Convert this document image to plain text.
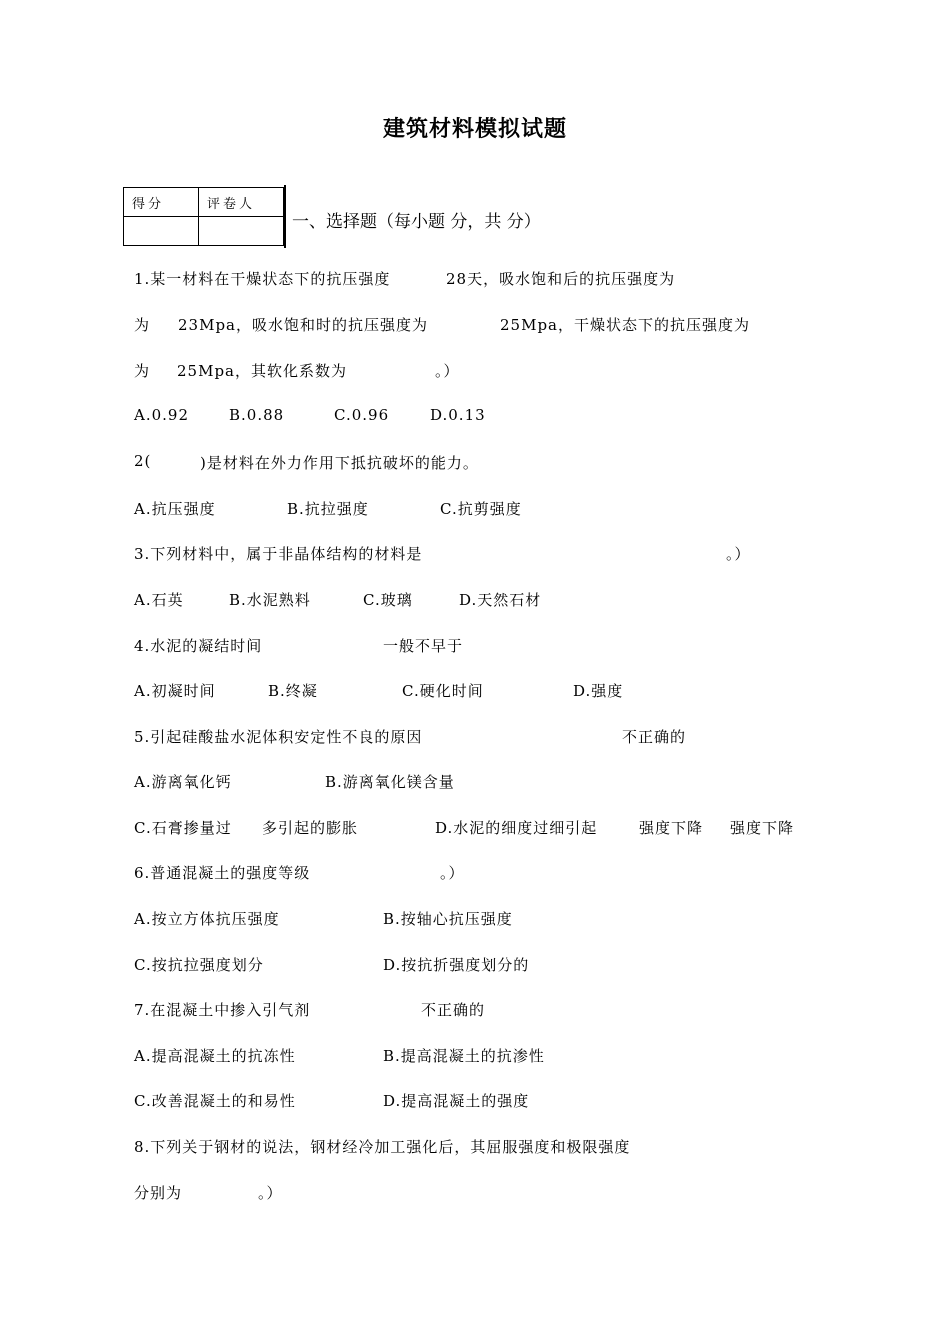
建筑材料模拟试题
得分	评卷人

一、选择题（每小题 分，共 分）
1.某一材料在干燥状态下的抗压强度	28天，吸水饱和后的抗压强度为
为 23Mpa，吸水饱和时的抗压强度为	25Mpa，干燥状态下的抗压强度为
为 25Mpa，其软化系数为	。）
A.0.92	B.0.88	C.0.96	D.0.13
2(	)是材料在外力作用下抵抗破坏的能力。
A.抗压强度	B.抗拉强度	C.抗剪强度
3.下列材料中，属于非晶体结构的材料是	。）
A.石英	B.水泥熟料	C.玻璃	D.天然石材
4.水泥的凝结时间	一般不早于
A.初凝时间	B.终凝	C.硬化时间	D.强度
5.引起硅酸盐水泥体积安定性不良的原因	不正确的
A.游离氧化钙	B.游离氧化镁含量
C.石膏掺量过 多引起的膨胀	D.水泥的细度过细引起	强度下降 强度下降
6.普通混凝土的强度等级	。）
A.按立方体抗压强度	B.按轴心抗压强度
C.按抗拉强度划分	D.按抗折强度划分的
7.在混凝土中掺入引气剂	不正确的
A.提高混凝土的抗冻性	B.提高混凝土的抗渗性
C.改善混凝土的和易性	D.提高混凝土的强度
8.下列关于钢材的说法，钢材经冷加工强化后，其屈服强度和极限强度
分别为	。）
